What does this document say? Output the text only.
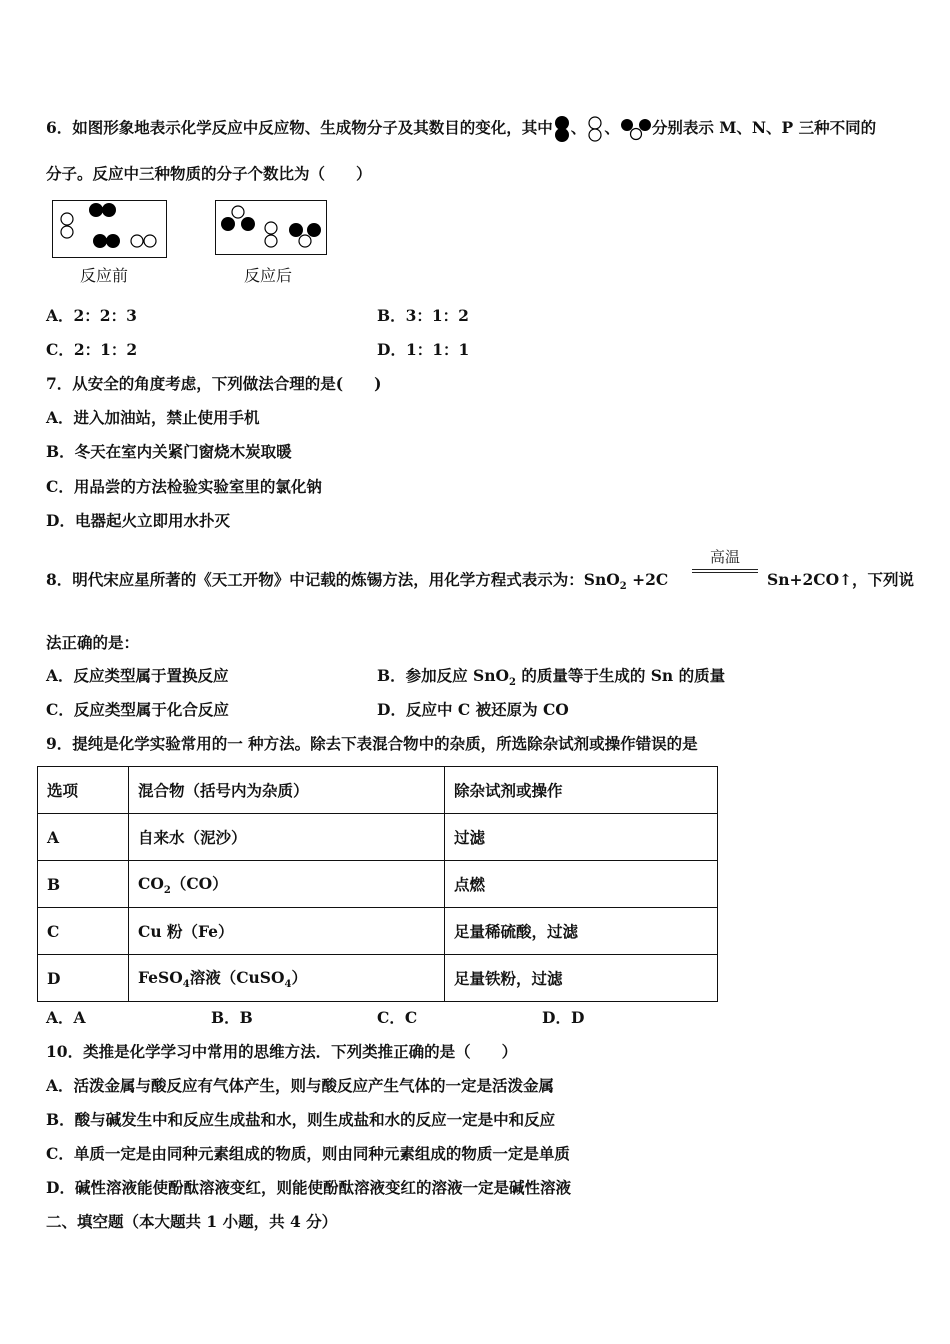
6．如图形象地表示化学反应中反应物、生成物分子及其数目的变化，其中 、 、 分别表示 M、N、P 三种不同的
分子。反应中三种物质的分子个数比为（　　）
反应前	反应后
A．2：2：3	B．3：1：2
C．2：1：2	D．1：1：1
7．从安全的角度考虑，下列做法合理的是(　　)
A．进入加油站，禁止使用手机
B．冬天在室内关紧门窗烧木炭取暖
C．用品尝的方法检验实验室里的氯化钠
D．电器起火立即用水扑灭
8．明代宋应星所著的《天工开物》中记载的炼锡方法，用化学方程式表示为：SnO$_2$ +2C
高温
Sn+2CO↑，下列说
法正确的是：
A．反应类型属于置换反应	B．参加反应 SnO$_2$ 的质量等于生成的 Sn 的质量
C．反应类型属于化合反应	D．反应中 C 被还原为 CO
9．提纯是化学实验常用的一 种方法。除去下表混合物中的杂质，所选除杂试剂或操作错误的是
选项	混合物（括号内为杂质）	除杂试剂或操作
A	自来水（泥沙）	过滤
B	$CO_2(CO)$	点燃
C	Cu 粉（Fe）	足量稀硫酸，过滤
D	FeSO$_4$溶液（CuSO$_4$）	足量铁粉，过滤
A．A	B．B	C．C	D．D
10．类推是化学学习中常用的思维方法．下列类推正确的是（　　）
A．活泼金属与酸反应有气体产生，则与酸反应产生气体的一定是活泼金属
B．酸与碱发生中和反应生成盐和水，则生成盐和水的反应一定是中和反应
C．单质一定是由同种元素组成的物质，则由同种元素组成的物质一定是单质
D．碱性溶液能使酚酞溶液变红，则能使酚酞溶液变红的溶液一定是碱性溶液
二、填空题（本大题共 1 小题，共 4 分）
